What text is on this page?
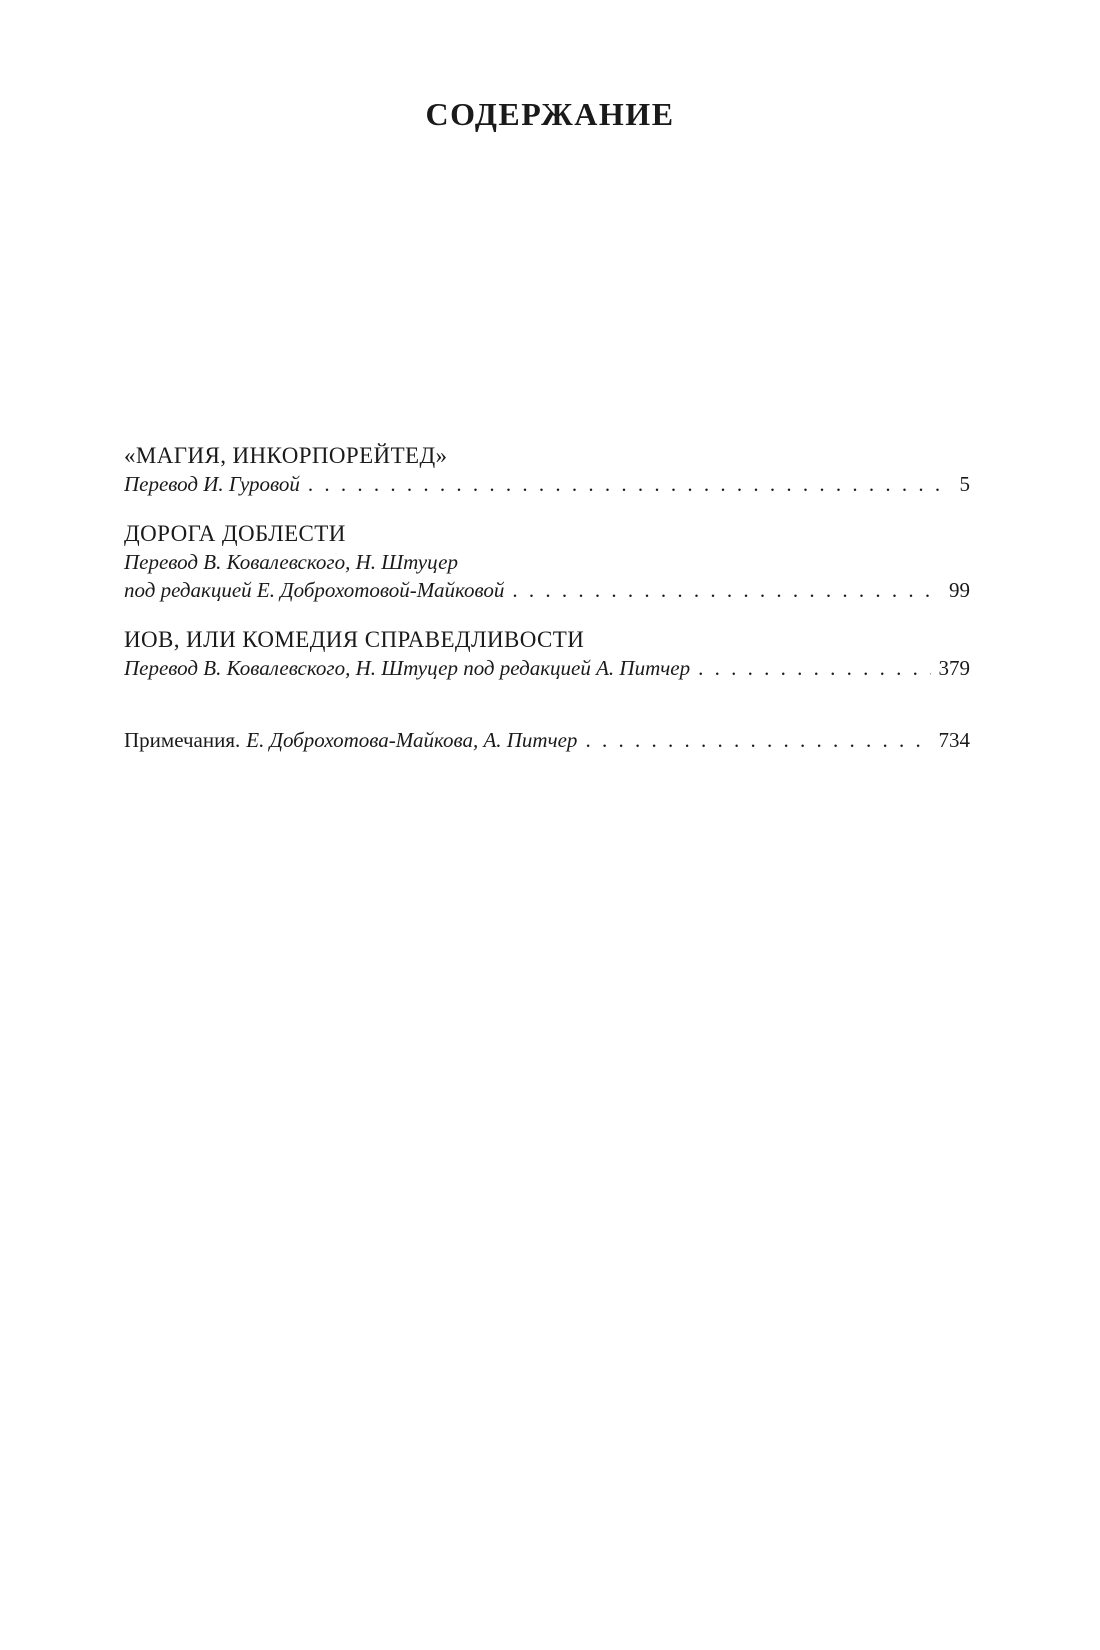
СОДЕРЖАНИЕ
«МАГИЯ, ИНКОРПОРЕЙТЕД»
Перевод И. Гуровой . . .	5
ДОРОГА ДОБЛЕСТИ
Перевод В. Ковалевского, Н. Штуцер
под редакцией Е. Доброхотовой-Майковой . . .	99
ИОВ, ИЛИ КОМЕДИЯ СПРАВЕДЛИВОСТИ
Перевод В. Ковалевского, Н. Штуцер под редакцией А. Питчер . . .	379
Примечания. Е. Доброхотова-Майкова, А. Питчер . . .	734
